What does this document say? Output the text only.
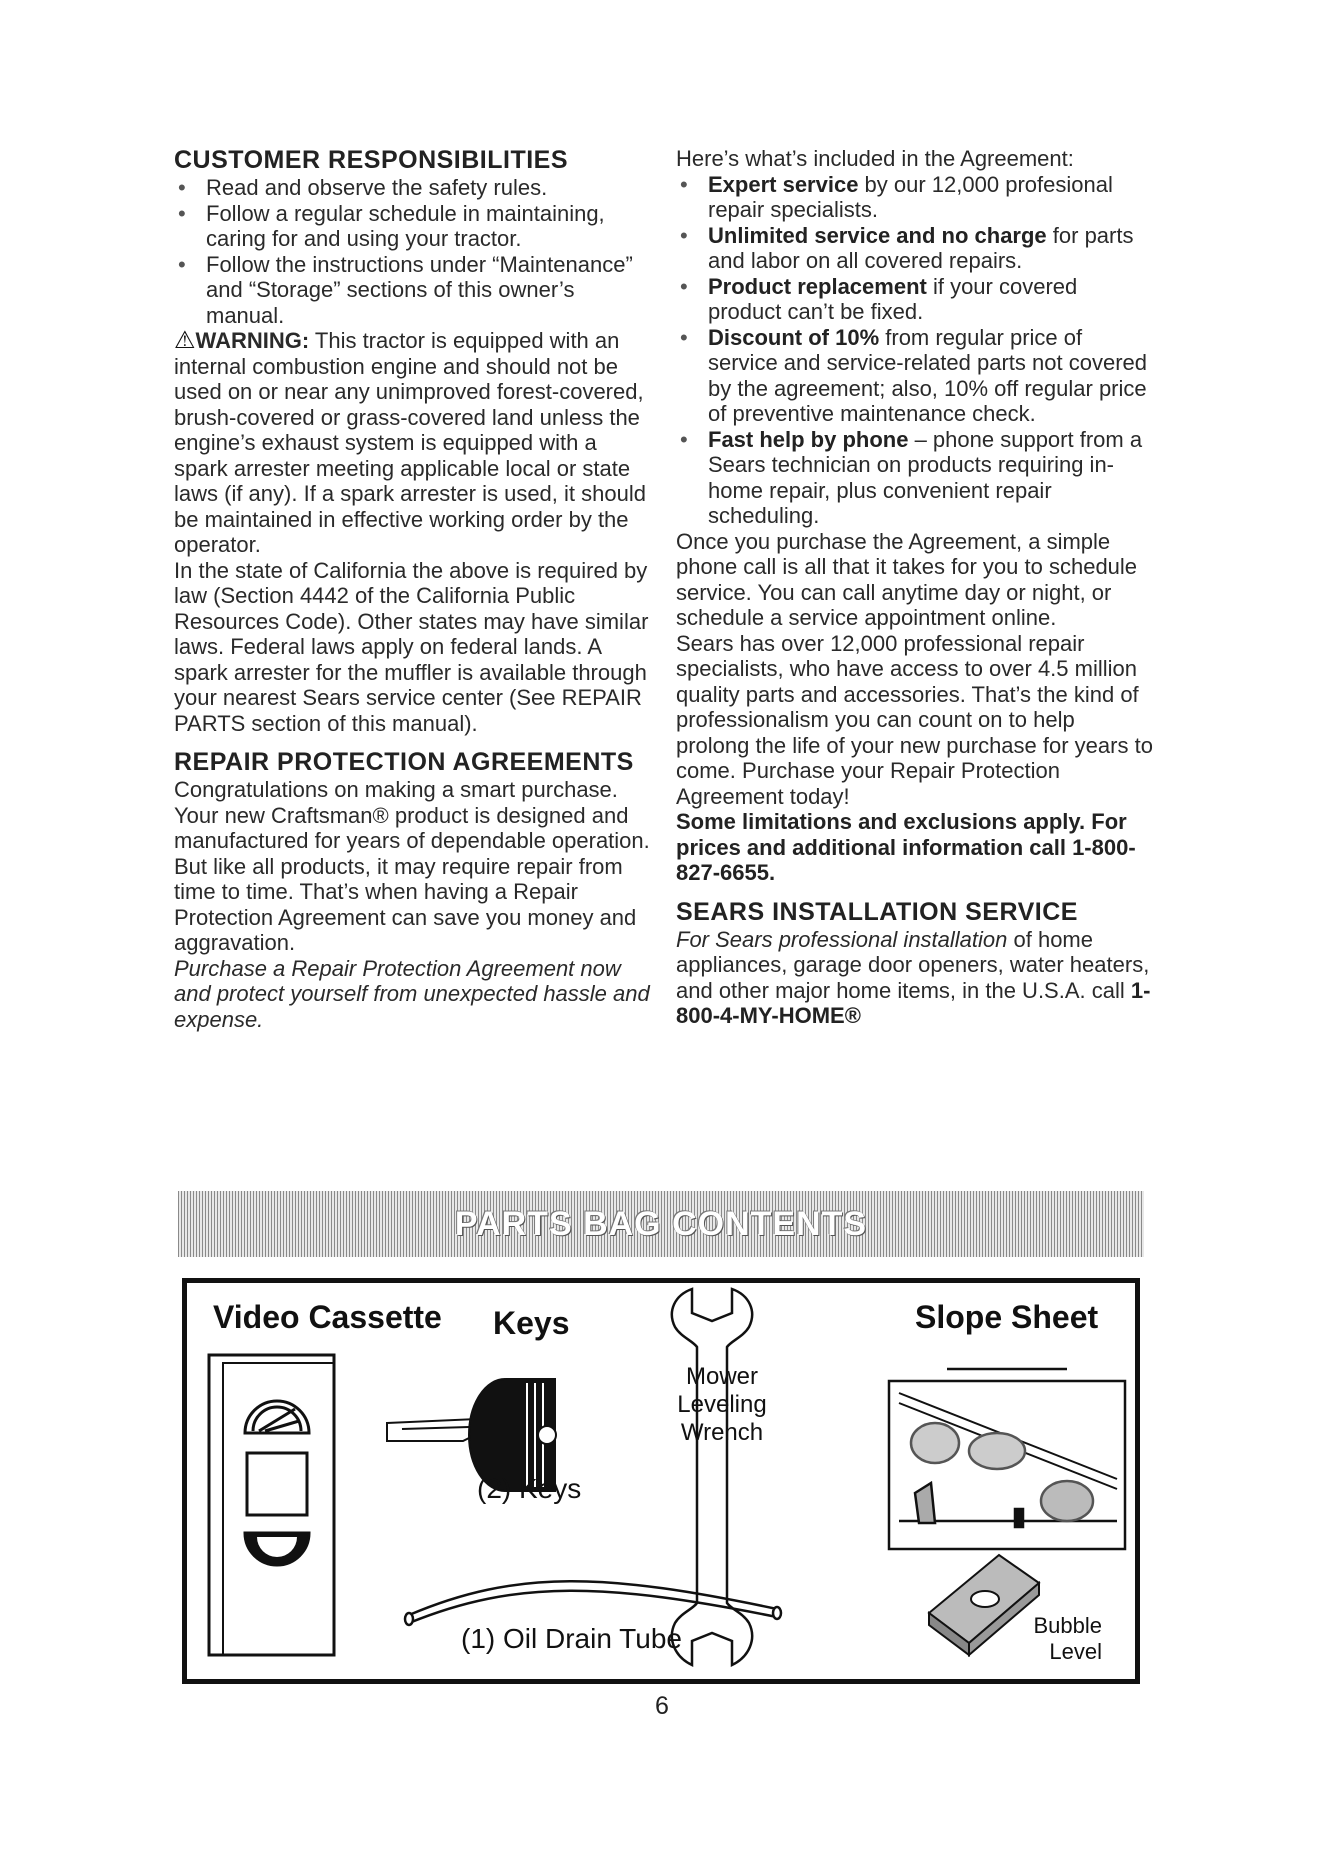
CUSTOMER RESPONSIBILITIES
• Read and observe the safety rules.
• Follow a regular schedule in maintaining, caring for and using your tractor.
• Follow the instructions under “Maintenance” and “Storage” sections of this owner’s manual.

⚠WARNING: This tractor is equipped with an internal combustion engine and should not be used on or near any unimproved forest-covered, brush-covered or grass-covered land unless the engine’s exhaust system is equipped with a spark arrester meeting applicable local or state laws (if any). If a spark arrester is used, it should be maintained in effective working order by the operator.

In the state of California the above is required by law (Section 4442 of the California Public Resources Code). Other states may have similar laws. Federal laws apply on federal lands. A spark arrester for the muffler is available through your nearest Sears service center (See REPAIR PARTS section of this manual).

REPAIR PROTECTION AGREEMENTS

Congratulations on making a smart purchase. Your new Craftsman® product is designed and manufactured for years of dependable operation. But like all products, it may require repair from time to time. That’s when having a Repair Protection Agreement can save you money and aggravation.

Purchase a Repair Protection Agreement now and protect yourself from unexpected hassle and expense.

Here’s what’s included in the Agreement:

• Expert service by our 12,000 profesional repair specialists.
• Unlimited service and no charge for parts and labor on all covered repairs.
• Product replacement if your covered product can’t be fixed.
• Discount of 10% from regular price of service and service-related parts not covered by the agreement; also, 10% off regular price of preventive maintenance check.
• Fast help by phone – phone support from a Sears technician on products requiring in-home repair, plus convenient repair scheduling.

Once you purchase the Agreement, a simple phone call is all that it takes for you to schedule service. You can call anytime day or night, or schedule a service appointment online.

Sears has over 12,000 professional repair specialists, who have access to over 4.5 million quality parts and accessories. That’s the kind of professionalism you can count on to help prolong the life of your new purchase for years to come. Purchase your Repair Protection Agreement today!

Some limitations and exclusions apply. For prices and additional information call 1-800-827-6655.

SEARS INSTALLATION SERVICE

For Sears professional installation of home appliances, garage door openers, water heaters, and other major home items, in the U.S.A. call 1-800-4-MY-HOME®

PARTS BAG CONTENTS
Video Cassette Keys	Slope Sheet
Mower Leveling Wrench
(2) Keys
(1) Oil Drain Tube	Bubble Level
6
